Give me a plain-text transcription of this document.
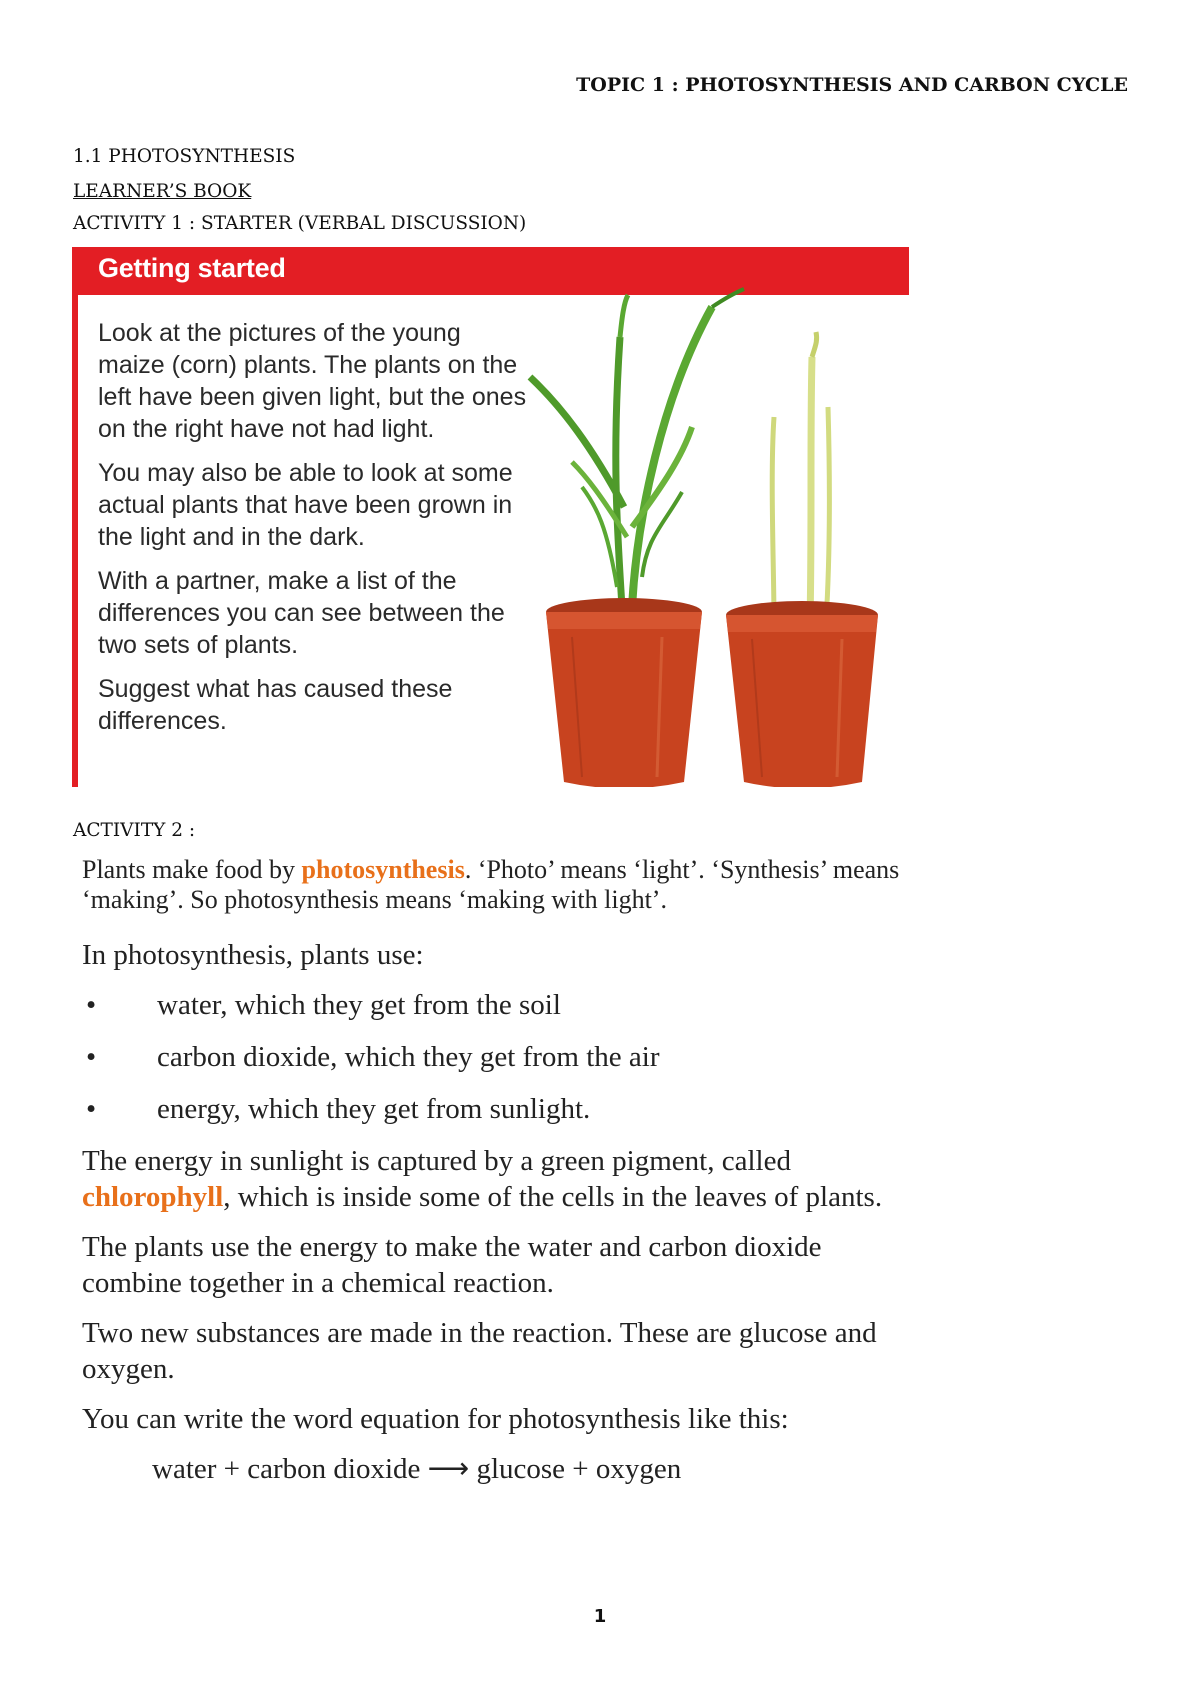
TOPIC 1 : PHOTOSYNTHESIS AND CARBON CYCLE
1.1 PHOTOSYNTHESIS
LEARNER’S BOOK
ACTIVITY 1 : STARTER (VERBAL DISCUSSION)
Getting started

Look at the pictures of the young maize (corn) plants. The plants on the left have been given light, but the ones on the right have not had light.

You may also be able to look at some actual plants that have been grown in the light and in the dark.

With a partner, make a list of the differences you can see between the two sets of plants.

Suggest what has caused these differences.

ACTIVITY 2 :

Plants make food by photosynthesis. ‘Photo’ means ‘light’. ‘Synthesis’ means ‘making’. So photosynthesis means ‘making with light’.

In photosynthesis, plants use:

• water, which they get from the soil
• carbon dioxide, which they get from the air
• energy, which they get from sunlight.

The energy in sunlight is captured by a green pigment, called chlorophyll, which is inside some of the cells in the leaves of plants.

The plants use the energy to make the water and carbon dioxide combine together in a chemical reaction.

Two new substances are made in the reaction. These are glucose and oxygen.

You can write the word equation for photosynthesis like this:

water + carbon dioxide ⟶ glucose + oxygen
1
